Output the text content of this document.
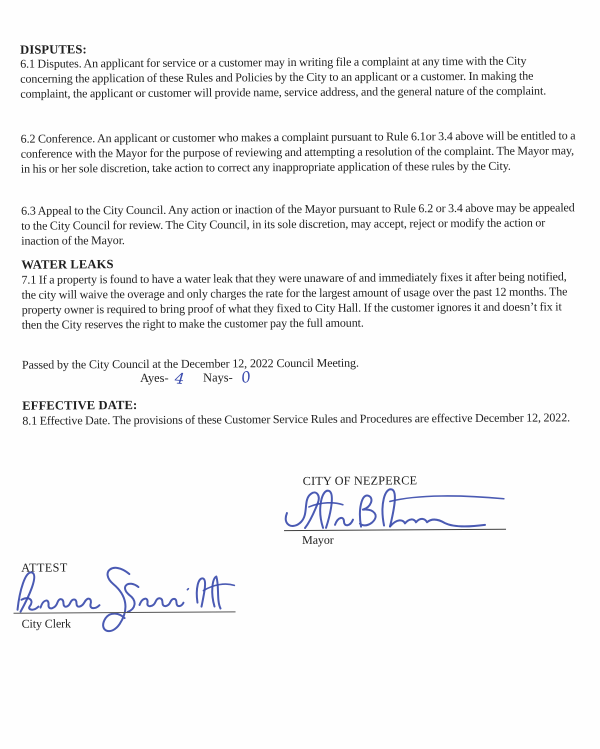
DISPUTES:
6.1 Disputes. An applicant for service or a customer may in writing file a complaint at any time with the City concerning the application of these Rules and Policies by the City to an applicant or a customer. In making the complaint, the applicant or customer will provide name, service address, and the general nature of the complaint.
6.2 Conference. An applicant or customer who makes a complaint pursuant to Rule 6.1or 3.4 above will be entitled to a conference with the Mayor for the purpose of reviewing and attempting a resolution of the complaint. The Mayor may, in his or her sole discretion, take action to correct any inappropriate application of these rules by the City.
6.3 Appeal to the City Council. Any action or inaction of the Mayor pursuant to Rule 6.2 or 3.4 above may be appealed to the City Council for review. The City Council, in its sole discretion, may accept, reject or modify the action or inaction of the Mayor.
WATER LEAKS
7.1 If a property is found to have a water leak that they were unaware of and immediately fixes it after being notified, the city will waive the overage and only charges the rate for the largest amount of usage over the past 12 months. The property owner is required to bring proof of what they fixed to City Hall. If the customer ignores it and doesn’t fix it then the City reserves the right to make the customer pay the full amount.
Passed by the City Council at the December 12, 2022 Council Meeting.
Ayes- 4 Nays- 0
EFFECTIVE DATE:
8.1 Effective Date. The provisions of these Customer Service Rules and Procedures are effective December 12, 2022.
CITY OF NEZPERCE
Mayor
ATTEST
City Clerk
